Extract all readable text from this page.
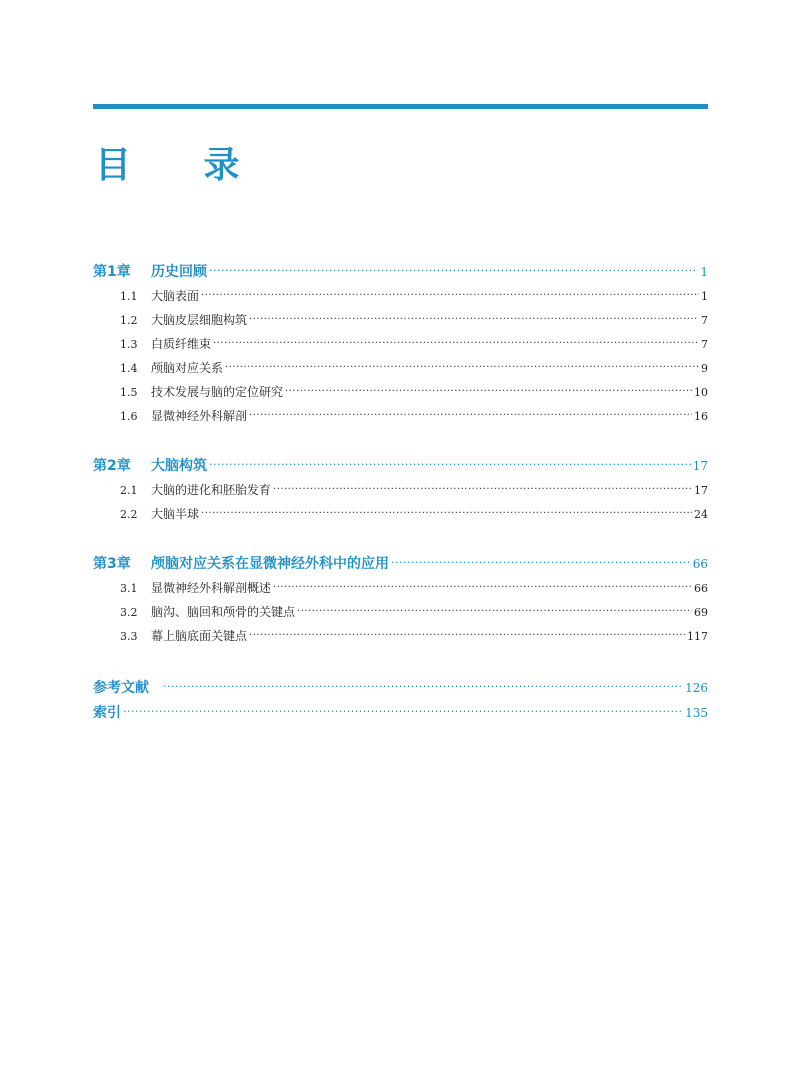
目 录
第1章 历史回顾 ·····	1
1.1 大脑表面 ·····	1
1.2 大脑皮层细胞构筑 ·····	7
1.3 白质纤维束 ·····	7
1.4 颅脑对应关系 ·····	9
1.5 技术发展与脑的定位研究 ·····	10
1.6 显微神经外科解剖 ·····	16
第2章 大脑构筑 ·····	17
2.1 大脑的进化和胚胎发育 ·····	17
2.2 大脑半球 ·····	24
第3章 颅脑对应关系在显微神经外科中的应用 ·····	66
3.1 显微神经外科解剖概述 ·····	66
3.2 脑沟、脑回和颅骨的关键点 ·····	69
3.3 幕上脑底面关键点 ·····	117
参考文献 ·····	126
索引 ·····	135
